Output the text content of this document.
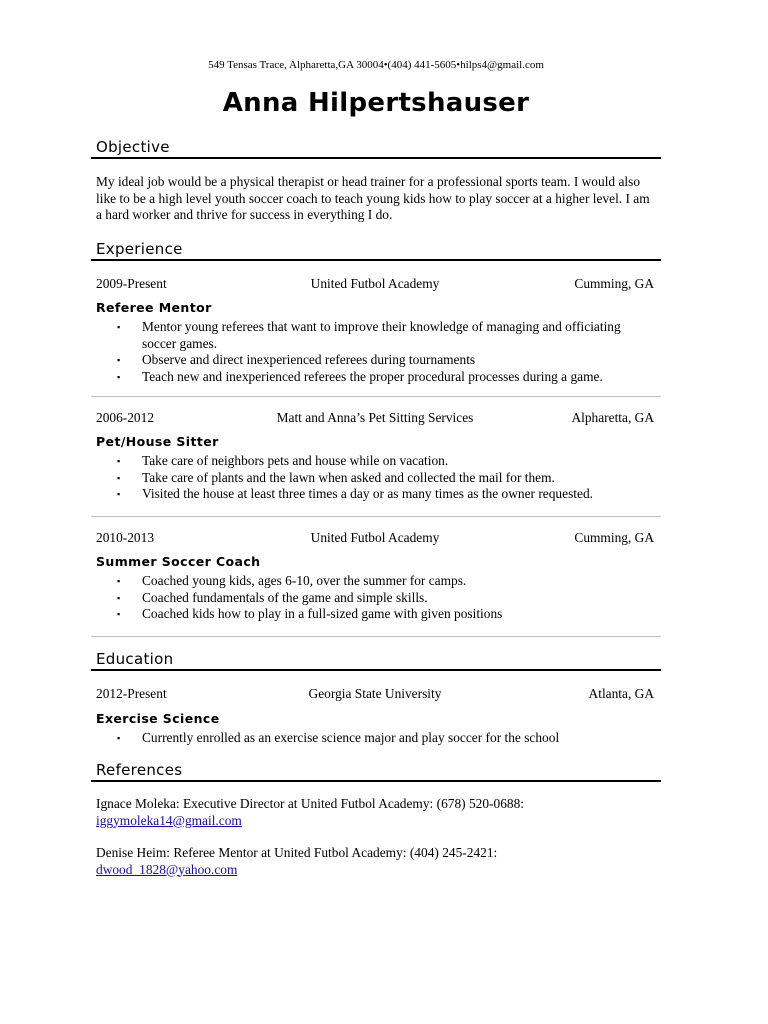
549 Tensas Trace, Alpharetta,GA 30004•(404) 441-5605•hilps4@gmail.com
Anna Hilpertshauser
Objective
My ideal job would be a physical therapist or head trainer for a professional sports team. I would also like to be a high level youth soccer coach to teach young kids how to play soccer at a higher level. I am a hard worker and thrive for success in everything I do.
Experience
2009-Present	United Futbol Academy	Cumming, GA
Referee Mentor
▪ Mentor young referees that want to improve their knowledge of managing and officiating soccer games.
▪ Observe and direct inexperienced referees during tournaments
▪ Teach new and inexperienced referees the proper procedural processes during a game.
2006-2012	Matt and Anna’s Pet Sitting Services	Alpharetta, GA
Pet/House Sitter
▪ Take care of neighbors pets and house while on vacation.
▪ Take care of plants and the lawn when asked and collected the mail for them.
▪ Visited the house at least three times a day or as many times as the owner requested.
2010-2013	United Futbol Academy	Cumming, GA
Summer Soccer Coach
▪ Coached young kids, ages 6-10, over the summer for camps.
▪ Coached fundamentals of the game and simple skills.
▪ Coached kids how to play in a full-sized game with given positions
Education
2012-Present	Georgia State University	Atlanta, GA
Exercise Science
▪ Currently enrolled as an exercise science major and play soccer for the school
References
Ignace Moleka: Executive Director at United Futbol Academy: (678) 520-0688:
iggymoleka14@gmail.com
Denise Heim: Referee Mentor at United Futbol Academy: (404) 245-2421:
dwood_1828@yahoo.com
